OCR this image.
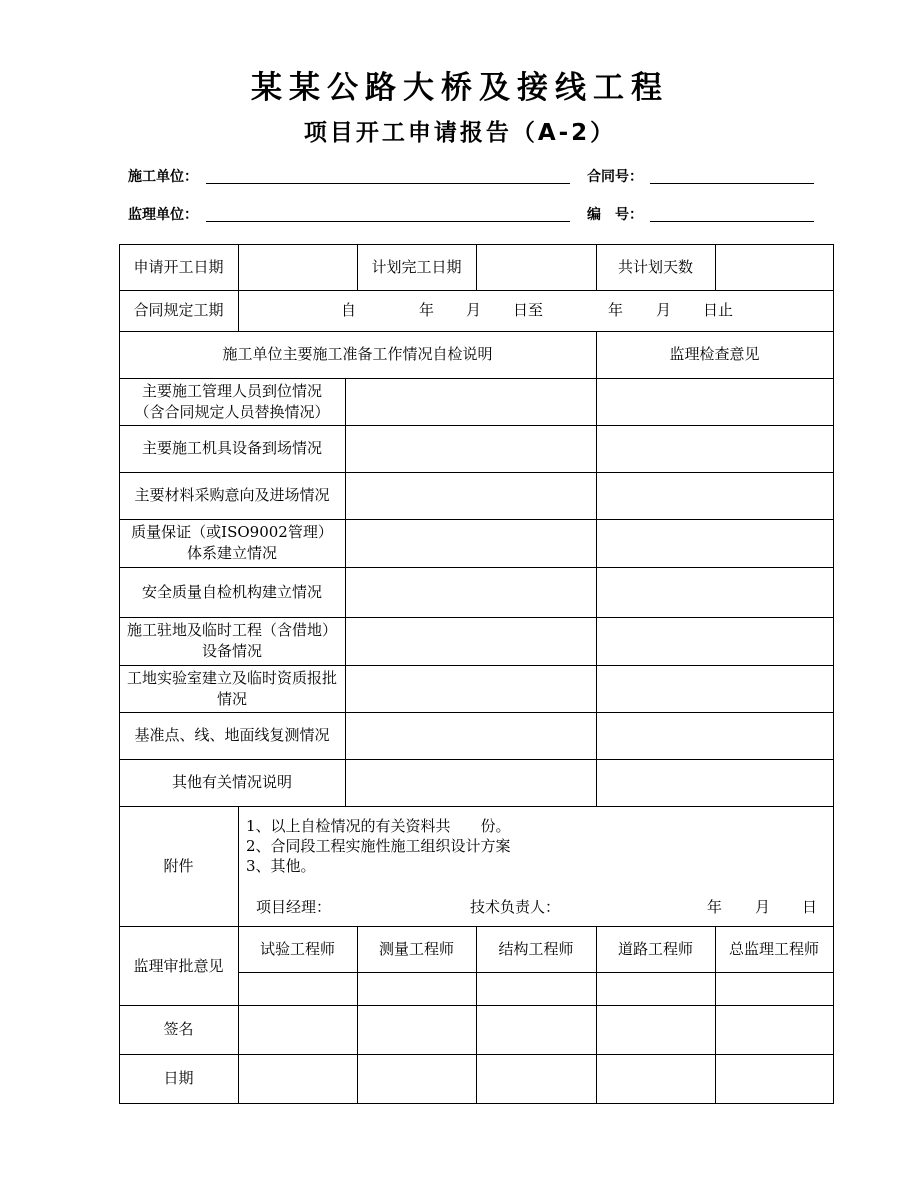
某某公路大桥及接线工程
项目开工申请报告（A-2）
施工单位：	合同号：
监理单位：	编　号：
申请开工日期	计划完工日期	共计划天数
合同规定工期	自	年 月 日至	年 月 日止
施工单位主要施工准备工作情况自检说明	监理检查意见
主要施工管理人员到位情况（含合同规定人员替换情况）
主要施工机具设备到场情况
主要材料采购意向及进场情况
质量保证（或ISO9002管理）体系建立情况
安全质量自检机构建立情况
施工驻地及临时工程（含借地）设备情况
工地实验室建立及临时资质报批情况
基准点、线、地面线复测情况
其他有关情况说明
附件
1、以上自检情况的有关资料共　　份。
2、合同段工程实施性施工组织设计方案
3、其他。
项目经理：	技术负责人：	年 月 日
监理审批意见
试验工程师	测量工程师	结构工程师	道路工程师	总监理工程师
签名
日期
